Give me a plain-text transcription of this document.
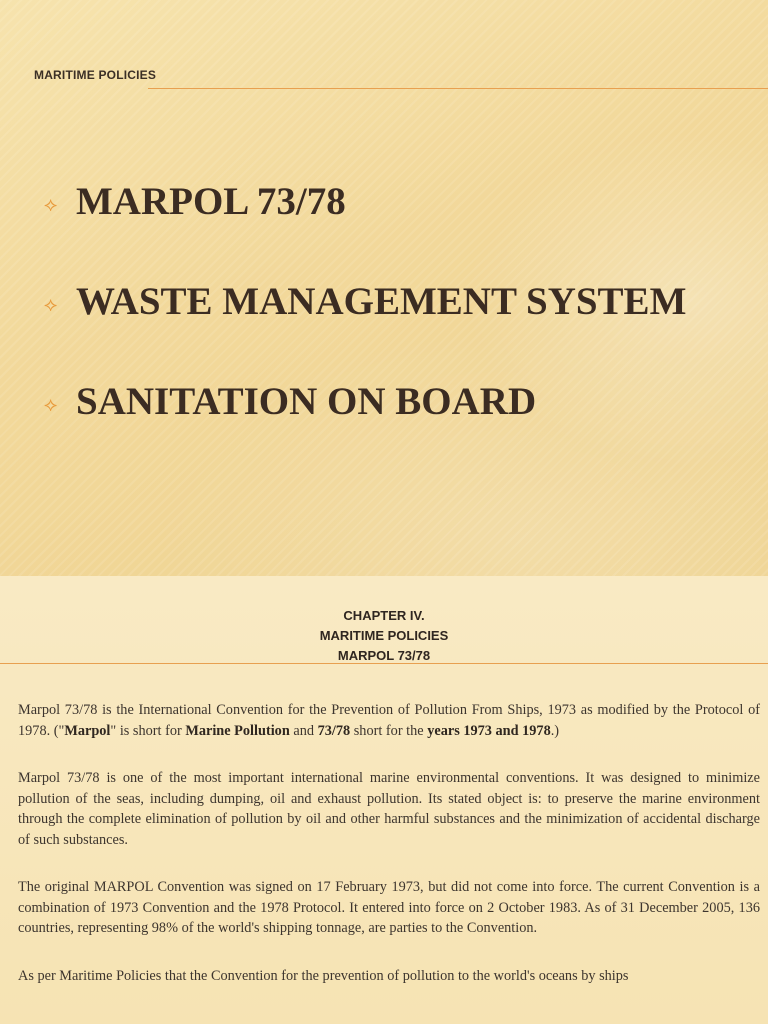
MARITIME POLICIES
⟡ MARPOL 73/78
⟡ WASTE MANAGEMENT SYSTEM
⟡ SANITATION ON BOARD
CHAPTER IV.
MARITIME POLICIES
MARPOL 73/78

Marpol 73/78 is the International Convention for the Prevention of Pollution From Ships, 1973 as modified by the Protocol of 1978. ("Marpol" is short for Marine Pollution and 73/78 short for the years 1973 and 1978.)

Marpol 73/78 is one of the most important international marine environmental conventions. It was designed to minimize pollution of the seas, including dumping, oil and exhaust pollution. Its stated object is: to preserve the marine environment through the complete elimination of pollution by oil and other harmful substances and the minimization of accidental discharge of such substances.

The original MARPOL Convention was signed on 17 February 1973, but did not come into force. The current Convention is a combination of 1973 Convention and the 1978 Protocol. It entered into force on 2 October 1983. As of 31 December 2005, 136 countries, representing 98% of the world's shipping tonnage, are parties to the Convention.

As per Maritime Policies that the Convention for the prevention of pollution to the world's oceans by ships
